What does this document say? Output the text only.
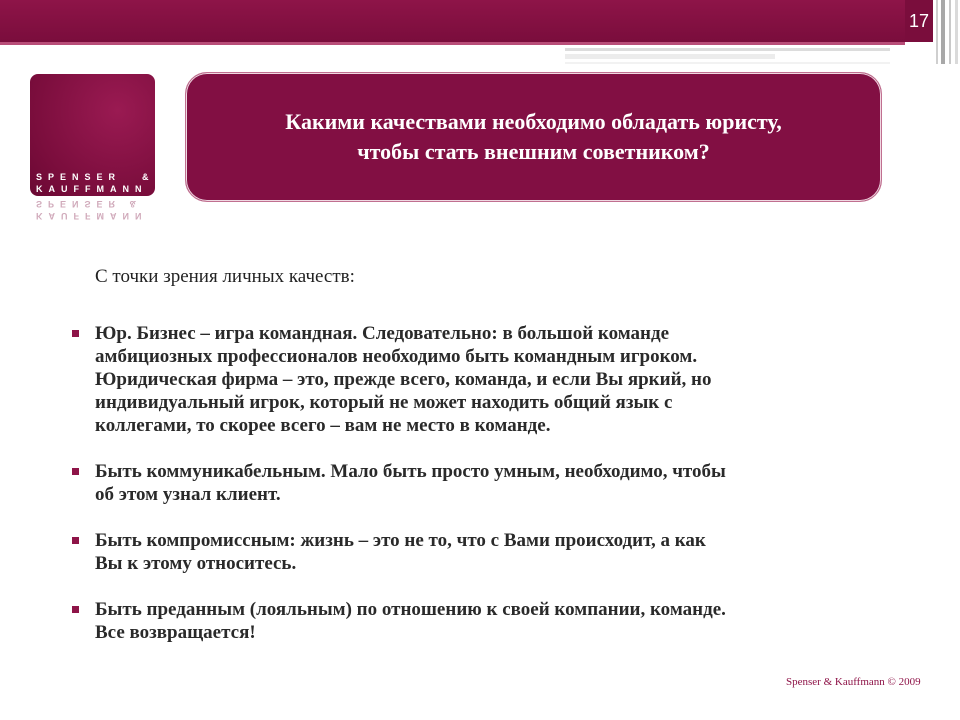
17
SPENSER &
KAUFFMANN
KAUFFMANN
SPENSER &
Какими качествами необходимо обладать юристу,
чтобы стать внешним советником?

С точки зрения личных качеств:

Юр. Бизнес – игра командная. Следовательно: в большой команде
амбициозных профессионалов необходимо быть командным игроком.
Юридическая фирма – это, прежде всего, команда, и если Вы яркий, но
индивидуальный игрок, который не может находить общий язык с
коллегами, то скорее всего – вам не место в команде.
Быть коммуникабельным. Мало быть просто умным, необходимо, чтобы
об этом узнал клиент.
Быть компромиссным: жизнь – это не то, что с Вами происходит, а как
Вы к этому относитесь.
Быть преданным (лояльным) по отношению к своей компании, команде.
Все возвращается!
Spenser & Kauffmann © 2009
